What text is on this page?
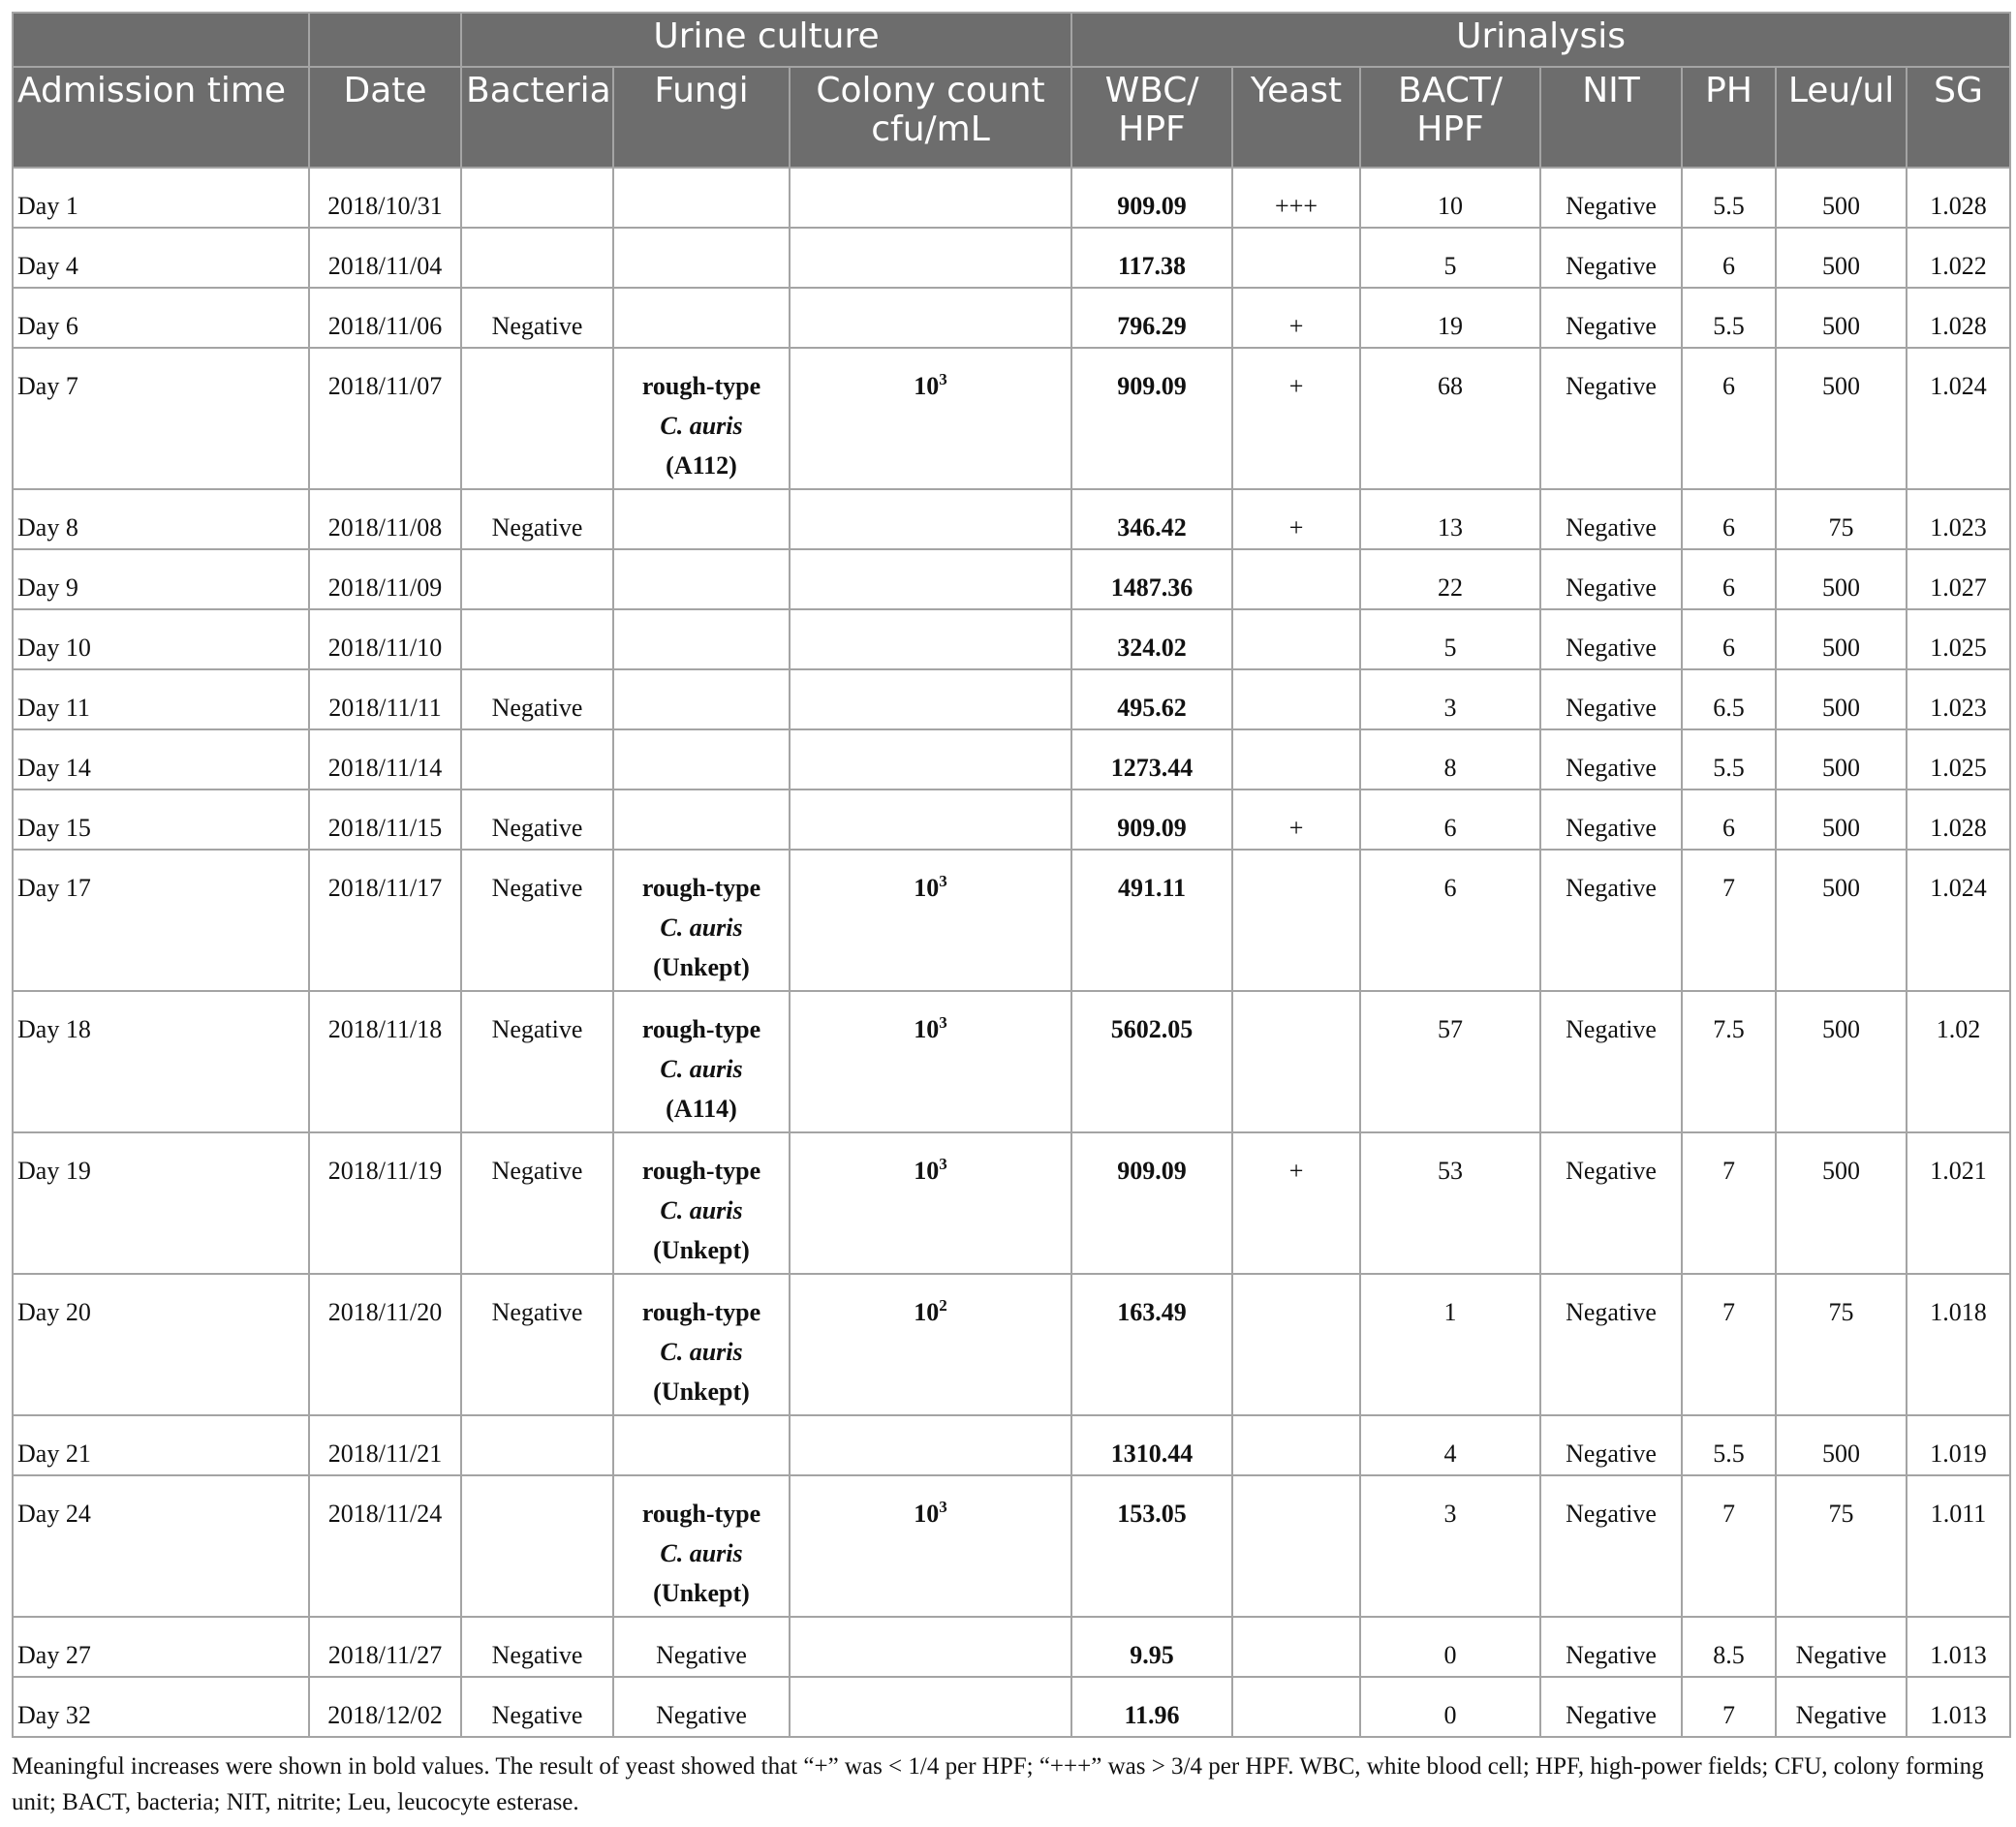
		Urine culture			Urinalysis						
Admission time	Date	Bacteria	Fungi	Colony count cfu/mL	WBC/ HPF	Yeast	BACT/ HPF	NIT	PH	Leu/ul	SG
Day 1	2018/10/31				909.09	+++	10	Negative	5.5	500	1.028
Day 4	2018/11/04				117.38		5	Negative	6	500	1.022
Day 6	2018/11/06	Negative			796.29	+	19	Negative	5.5	500	1.028
Day 7	2018/11/07		rough-type
C. auris
(A112)	$10^3$	909.09	+	68	Negative	6	500	1.024
Day 8	2018/11/08	Negative			346.42	+	13	Negative	6	75	1.023
Day 9	2018/11/09				1487.36		22	Negative	6	500	1.027
Day 10	2018/11/10				324.02		5	Negative	6	500	1.025
Day 11	2018/11/11	Negative			495.62		3	Negative	6.5	500	1.023
Day 14	2018/11/14				1273.44		8	Negative	5.5	500	1.025
Day 15	2018/11/15	Negative			909.09	+	6	Negative	6	500	1.028
Day 17	2018/11/17	Negative	rough-type
C. auris
(Unkept)	$10^3$	491.11		6	Negative	7	500	1.024
Day 18	2018/11/18	Negative	rough-type
C. auris
(A114)	$10^3$	5602.05		57	Negative	7.5	500	1.02
Day 19	2018/11/19	Negative	rough-type
C. auris
(Unkept)	$10^3$	909.09	+	53	Negative	7	500	1.021
Day 20	2018/11/20	Negative	rough-type
C. auris
(Unkept)	$10^2$	163.49		1	Negative	7	75	1.018
Day 21	2018/11/21				1310.44		4	Negative	5.5	500	1.019
Day 24	2018/11/24		rough-type
C. auris
(Unkept)	$10^3$	153.05		3	Negative	7	75	1.011
Day 27	2018/11/27	Negative	Negative		9.95		0	Negative	8.5	Negative	1.013
Day 32	2018/12/02	Negative	Negative		11.96		0	Negative	7	Negative	1.013
Meaningful increases were shown in bold values. The result of yeast showed that “+” was < 1/4 per HPF; “+++” was > 3/4 per HPF. WBC, white blood cell; HPF, high-power fields; CFU, colony forming unit; BACT, bacteria; NIT, nitrite; Leu, leucocyte esterase.
